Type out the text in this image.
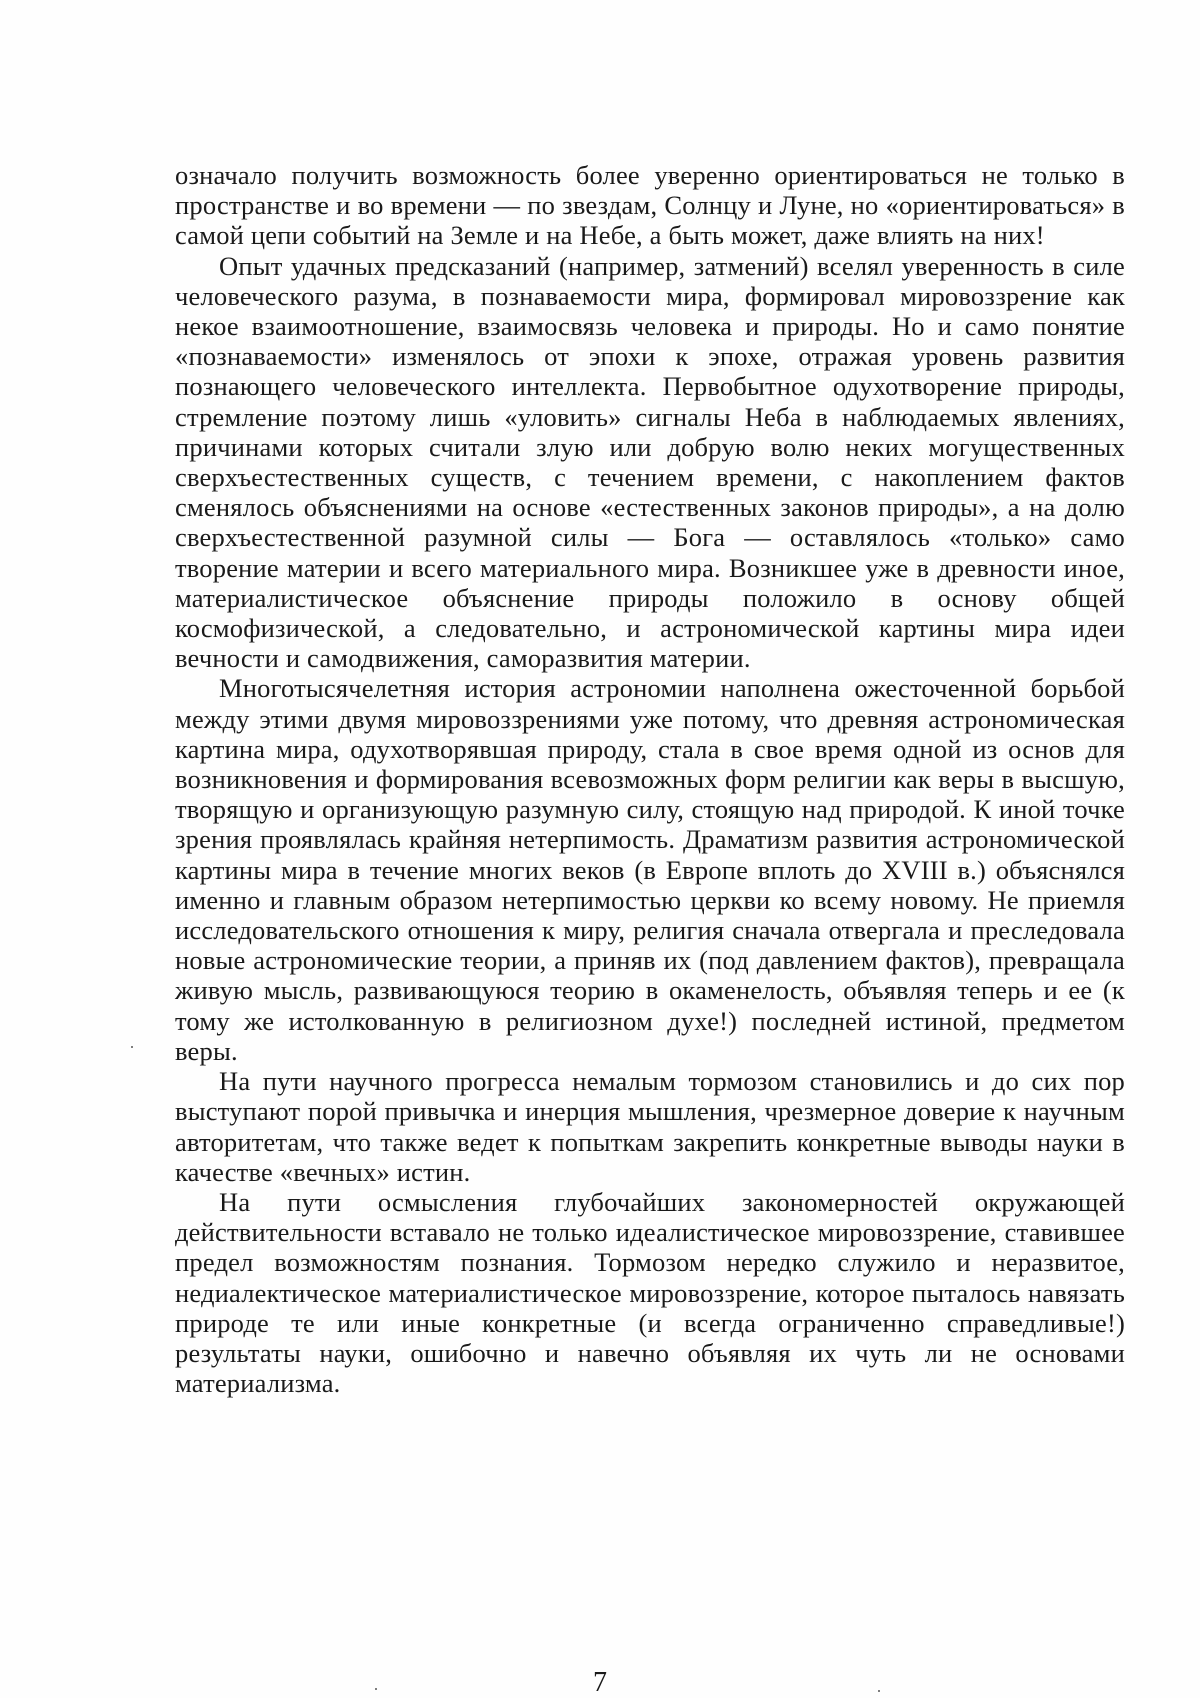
означало получить возможность более уверенно ориентироваться не только в пространстве и во времени — по звездам, Солнцу и Луне, но «ориентироваться» в самой цепи событий на Земле и на Небе, а быть может, даже влиять на них!

Опыт удачных предсказаний (например, затмений) вселял уверенность в силе человеческого разума, в познаваемости мира, формировал мировоззрение как некое взаимоотношение, взаимосвязь человека и природы. Но и само понятие «познаваемости» изменялось от эпохи к эпохе, отражая уровень развития познающего человеческого интеллекта. Первобытное одухотворение природы, стремление поэтому лишь «уловить» сигналы Неба в наблюдаемых явлениях, причинами которых считали злую или добрую волю неких могущественных сверхъестественных существ, с течением времени, с накоплением фактов сменялось объяснениями на основе «естественных законов природы», а на долю сверхъестественной разумной силы — Бога — оставлялось «только» само творение материи и всего материального мира. Возникшее уже в древности иное, материалистическое объяснение природы положило в основу общей космофизической, а следовательно, и астрономической картины мира идеи вечности и самодвижения, саморазвития материи.

Многотысячелетняя история астрономии наполнена ожесточенной борьбой между этими двумя мировоззрениями уже потому, что древняя астрономическая картина мира, одухотворявшая природу, стала в свое время одной из основ для возникновения и формирования всевозможных форм религии как веры в высшую, творящую и организующую разумную силу, стоящую над природой. К иной точке зрения проявлялась крайняя нетерпимость. Драматизм развития астрономической картины мира в течение многих веков (в Европе вплоть до XVIII в.) объяснялся именно и главным образом нетерпимостью церкви ко всему новому. Не приемля исследовательского отношения к миру, религия сначала отвергала и преследовала новые астрономические теории, а приняв их (под давлением фактов), превращала живую мысль, развивающуюся теорию в окаменелость, объявляя теперь и ее (к тому же истолкованную в религиозном духе!) последней истиной, предметом веры.

На пути научного прогресса немалым тормозом становились и до сих пор выступают порой привычка и инерция мышления, чрезмерное доверие к научным авторитетам, что также ведет к попыткам закрепить конкретные выводы науки в качестве «вечных» истин.

На пути осмысления глубочайших закономерностей окружающей действительности вставало не только идеалистическое мировоззрение, ставившее предел возможностям познания. Тормозом нередко служило и неразвитое, недиалектическое материалистическое мировоззрение, которое пыталось навязать природе те или иные конкретные (и всегда ограниченно справедливые!) результаты науки, ошибочно и навечно объявляя их чуть ли не основами материализма.

7
